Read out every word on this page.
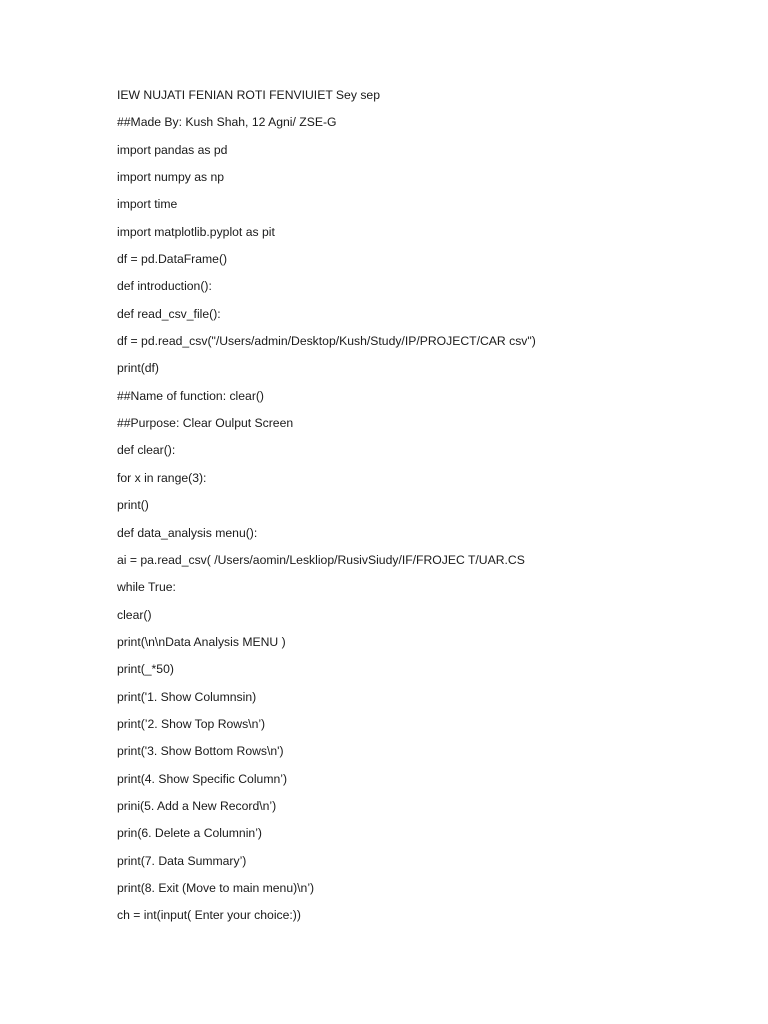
IEW NUJATI FENIAN ROTI FENVIUIET Sey sep
##Made By: Kush Shah, 12 Agni/ ZSE-G
import pandas as pd
import numpy as np
import time
import matplotlib.pyplot as pit
df = pd.DataFrame()
def introduction():
def read_csv_file():
df = pd.read_csv("/Users/admin/Desktop/Kush/Study/IP/PROJECT/CAR csv")
print(df)
##Name of function: clear()
##Purpose: Clear Oulput Screen
def clear():
for x in range(3):
print()
def data_analysis menu():
ai = pa.read_csv( /Users/aomin/Leskliop/RusivSiudy/IF/FROJEC T/UAR.CS
while True:
clear()
print(\n\nData Analysis MENU )
print(_*50)
print('1. Show Columnsin)
print(’2. Show Top Rows\n’)
print('3. Show Bottom Rows\n')
print(4. Show Specific Column’)
prini(5. Add a New Record\n’)
prin(6. Delete a Columnin’)
print(7. Data Summary’)
print(8. Exit (Move to main menu)\n’)
ch = int(input( Enter your choice:))
